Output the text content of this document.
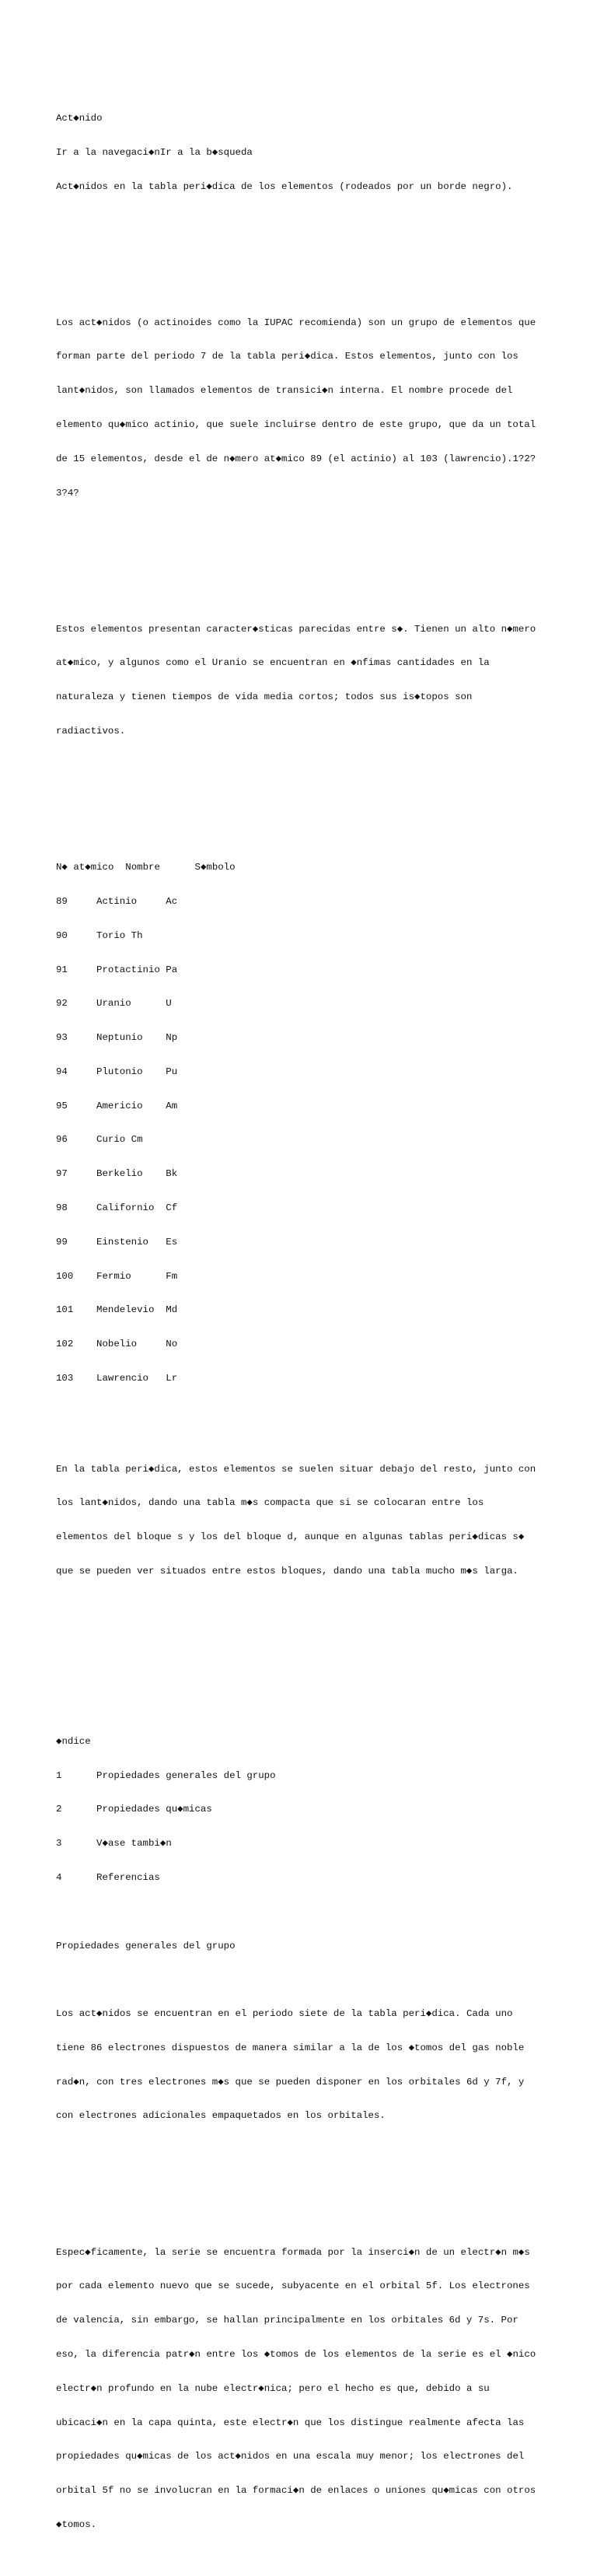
Act◆nido

Ir a la navegaci◆nIr a la b◆squeda

Act◆nidos en la tabla peri◆dica de los elementos (rodeados por un borde negro).

Los act◆nidos (o actinoides como la IUPAC recomienda) son un grupo de elementos que

forman parte del periodo 7 de la tabla peri◆dica. Estos elementos, junto con los

lant◆nidos, son llamados elementos de transici◆n interna. El nombre procede del

elemento qu◆mico actinio, que suele incluirse dentro de este grupo, que da un total

de 15 elementos, desde el de n◆mero at◆mico 89 (el actinio) al 103 (lawrencio).1?2?

3?4?

Estos elementos presentan caracter◆sticas parecidas entre s◆. Tienen un alto n◆mero

at◆mico, y algunos como el Uranio se encuentran en ◆nfimas cantidades en la

naturaleza y tienen tiempos de vida media cortos; todos sus is◆topos son

radiactivos.

N◆ at◆mico  Nombre      S◆mbolo

89     Actinio     Ac

90     Torio Th

91     Protactinio Pa

92     Uranio      U

93     Neptunio    Np

94     Plutonio    Pu

95     Americio    Am

96     Curio Cm

97     Berkelio    Bk

98     Californio  Cf

99     Einstenio   Es

100    Fermio      Fm

101    Mendelevio  Md

102    Nobelio     No

103    Lawrencio   Lr

En la tabla peri◆dica, estos elementos se suelen situar debajo del resto, junto con

los lant◆nidos, dando una tabla m◆s compacta que si se colocaran entre los

elementos del bloque s y los del bloque d, aunque en algunas tablas peri◆dicas s◆

que se pueden ver situados entre estos bloques, dando una tabla mucho m◆s larga.

◆ndice

1      Propiedades generales del grupo

2      Propiedades qu◆micas

3      V◆ase tambi◆n

4      Referencias

Propiedades generales del grupo

Los act◆nidos se encuentran en el periodo siete de la tabla peri◆dica. Cada uno

tiene 86 electrones dispuestos de manera similar a la de los ◆tomos del gas noble

rad◆n, con tres electrones m◆s que se pueden disponer en los orbitales 6d y 7f, y

con electrones adicionales empaquetados en los orbitales.

Espec◆ficamente, la serie se encuentra formada por la inserci◆n de un electr◆n m◆s

por cada elemento nuevo que se sucede, subyacente en el orbital 5f. Los electrones

de valencia, sin embargo, se hallan principalmente en los orbitales 6d y 7s. Por

eso, la diferencia patr◆n entre los ◆tomos de los elementos de la serie es el ◆nico

electr◆n profundo en la nube electr◆nica; pero el hecho es que, debido a su

ubicaci◆n en la capa quinta, este electr◆n que los distingue realmente afecta las

propiedades qu◆micas de los act◆nidos en una escala muy menor; los electrones del

orbital 5f no se involucran en la formaci◆n de enlaces o uniones qu◆micas con otros

◆tomos.
